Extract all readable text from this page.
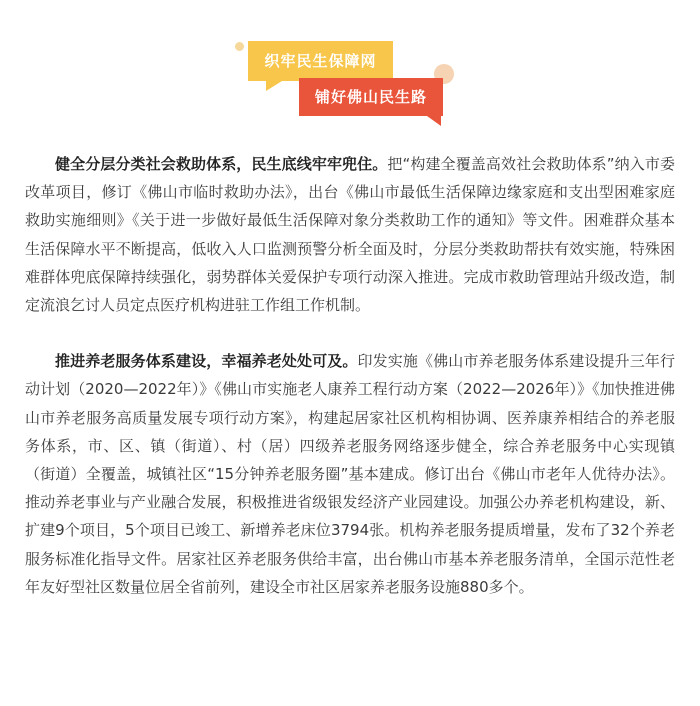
织牢民生保障网
铺好佛山民生路

健全分层分类社会救助体系，民生底线牢牢兜住。把“构建全覆盖高效社会救助体系”纳入市委改革项目，修订《佛山市临时救助办法》，出台《佛山市最低生活保障边缘家庭和支出型困难家庭救助实施细则》《关于进一步做好最低生活保障对象分类救助工作的通知》等文件。困难群众基本生活保障水平不断提高，低收入人口监测预警分析全面及时，分层分类救助帮扶有效实施，特殊困难群体兜底保障持续强化，弱势群体关爱保护专项行动深入推进。完成市救助管理站升级改造，制定流浪乞讨人员定点医疗机构进驻工作组工作机制。

推进养老服务体系建设，幸福养老处处可及。印发实施《佛山市养老服务体系建设提升三年行动计划（2020—2022年）》《佛山市实施老人康养工程行动方案（2022—2026年）》《加快推进佛山市养老服务高质量发展专项行动方案》，构建起居家社区机构相协调、医养康养相结合的养老服务体系，市、区、镇（街道）、村（居）四级养老服务网络逐步健全，综合养老服务中心实现镇（街道）全覆盖，城镇社区“15分钟养老服务圈”基本建成。修订出台《佛山市老年人优待办法》。推动养老事业与产业融合发展，积极推进省级银发经济产业园建设。加强公办养老机构建设，新、扩建9个项目，5个项目已竣工、新增养老床位3794张。机构养老服务提质增量，发布了32个养老服务标准化指导文件。居家社区养老服务供给丰富，出台佛山市基本养老服务清单，全国示范性老年友好型社区数量位居全省前列，建设全市社区居家养老服务设施880多个。
